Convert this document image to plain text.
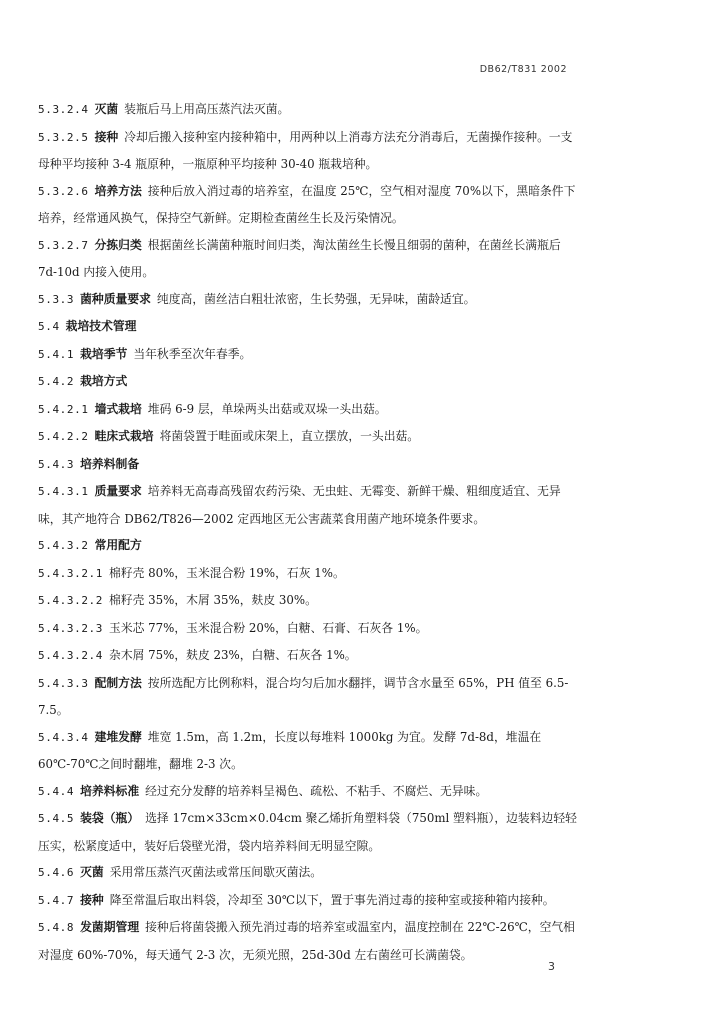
DB62/T831 2002

5.3.2.4 灭菌 装瓶后马上用高压蒸汽法灭菌。

5.3.2.5 接种 冷却后搬入接种室内接种箱中，用两种以上消毒方法充分消毒后，无菌操作接种。一支母种平均接种 3-4 瓶原种，一瓶原种平均接种 30-40 瓶栽培种。

5.3.2.6 培养方法 接种后放入消过毒的培养室，在温度 25℃，空气相对湿度 70%以下，黑暗条件下培养，经常通风换气，保持空气新鲜。定期检查菌丝生长及污染情况。

5.3.2.7 分拣归类 根据菌丝长满菌种瓶时间归类，淘汰菌丝生长慢且细弱的菌种，在菌丝长满瓶后 7d-10d 内接入使用。

5.3.3 菌种质量要求 纯度高，菌丝洁白粗壮浓密，生长势强，无异味，菌龄适宜。

5.4 栽培技术管理

5.4.1 栽培季节 当年秋季至次年春季。

5.4.2 栽培方式

5.4.2.1 墙式栽培 堆码 6-9 层，单垛两头出菇或双垛一头出菇。

5.4.2.2 畦床式栽培 将菌袋置于畦面或床架上，直立摆放，一头出菇。

5.4.3 培养料制备

5.4.3.1 质量要求 培养料无高毒高残留农药污染、无虫蛀、无霉变、新鲜干燥、粗细度适宜、无异味，其产地符合 DB62/T826—2002 定西地区无公害蔬菜食用菌产地环境条件要求。

5.4.3.2 常用配方

5.4.3.2.1 棉籽壳 80%，玉米混合粉 19%，石灰 1%。

5.4.3.2.2 棉籽壳 35%，木屑 35%，麸皮 30%。

5.4.3.2.3 玉米芯 77%，玉米混合粉 20%，白糖、石膏、石灰各 1%。

5.4.3.2.4 杂木屑 75%，麸皮 23%，白糖、石灰各 1%。

5.4.3.3 配制方法 按所选配方比例称料，混合均匀后加水翻拌，调节含水量至 65%，PH 值至 6.5-7.5。

5.4.3.4 建堆发酵 堆宽 1.5m，高 1.2m，长度以每堆料 1000kg 为宜。发酵 7d-8d，堆温在 60℃-70℃之间时翻堆，翻堆 2-3 次。

5.4.4 培养料标准 经过充分发酵的培养料呈褐色、疏松、不粘手、不腐烂、无异味。

5.4.5 装袋（瓶） 选择 17cm×33cm×0.04cm 聚乙烯折角塑料袋（750ml 塑料瓶），边装料边轻轻压实，松紧度适中，装好后袋壁光滑，袋内培养料间无明显空隙。

5.4.6 灭菌 采用常压蒸汽灭菌法或常压间歇灭菌法。

5.4.7 接种 降至常温后取出料袋，冷却至 30℃以下，置于事先消过毒的接种室或接种箱内接种。

5.4.8 发菌期管理 接种后将菌袋搬入预先消过毒的培养室或温室内，温度控制在 22℃-26℃，空气相对湿度 60%-70%，每天通气 2-3 次，无须光照，25d-30d 左右菌丝可长满菌袋。

3
